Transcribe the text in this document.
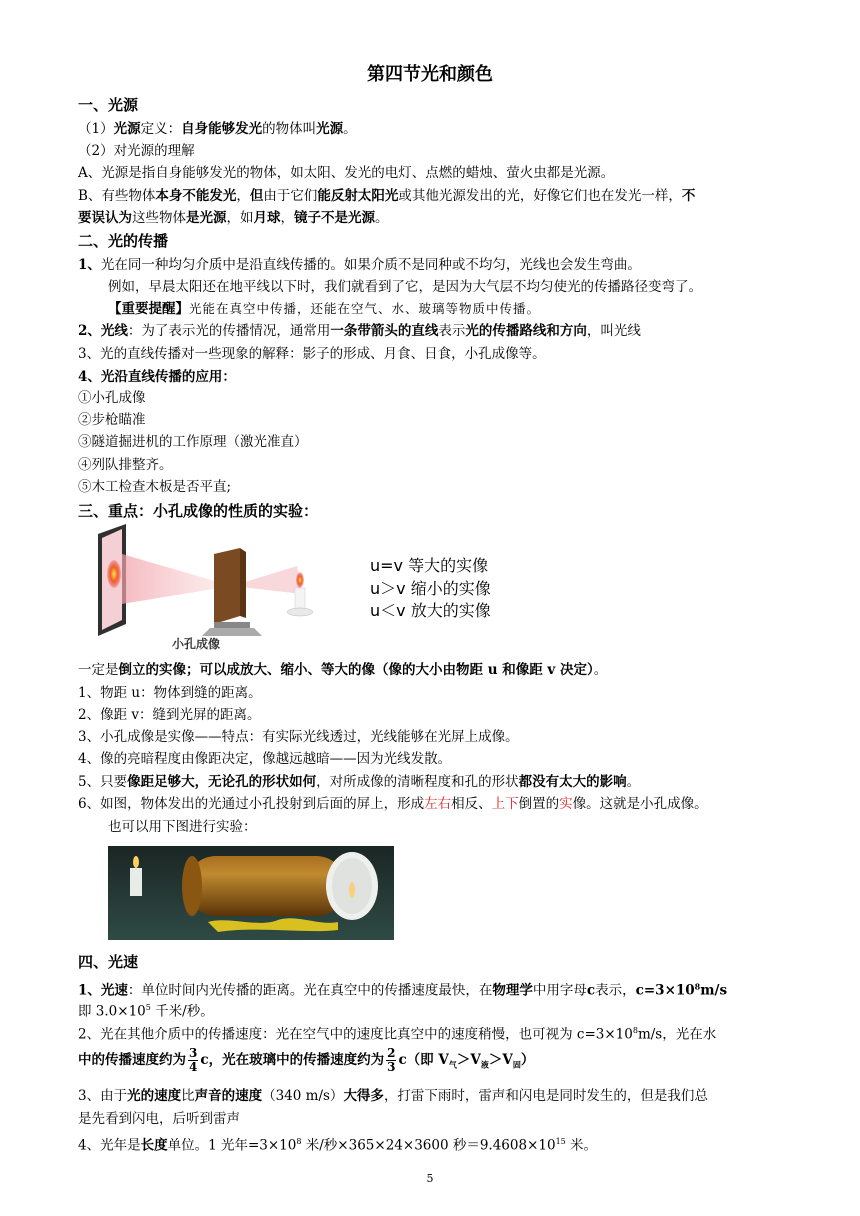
第四节光和颜色
一、光源
（1）光源定义：自身能够发光的物体叫光源。
（2）对光源的理解
A、光源是指自身能够发光的物体，如太阳、发光的电灯、点燃的蜡烛、萤火虫都是光源。
B、有些物体本身不能发光，但由于它们能反射太阳光或其他光源发出的光，好像它们也在发光一样，不
要误认为这些物体是光源，如月球，镜子不是光源。
二、光的传播
1、光在同一种均匀介质中是沿直线传播的。如果介质不是同种或不均匀，光线也会发生弯曲。
例如，早晨太阳还在地平线以下时，我们就看到了它，是因为大气层不均匀使光的传播路径变弯了。
【重要提醒】光能在真空中传播，还能在空气、水、玻璃等物质中传播。
2、光线：为了表示光的传播情况，通常用一条带箭头的直线表示光的传播路线和方向，叫光线
3、光的直线传播对一些现象的解释：影子的形成、月食、日食，小孔成像等。
4、光沿直线传播的应用：
①小孔成像
②步枪瞄准
③隧道掘进机的工作原理（激光准直）
④列队排整齐。
⑤木工检查木板是否平直;
三、重点：小孔成像的性质的实验：
小孔成像
u=v 等大的实像
u＞v 缩小的实像
u＜v 放大的实像
一定是倒立的实像；可以成放大、缩小、等大的像（像的大小由物距 u 和像距 v 决定）。
1、物距 u：物体到缝的距离。
2、像距 v：缝到光屏的距离。
3、小孔成像是实像——特点：有实际光线透过，光线能够在光屏上成像。
4、像的亮暗程度由像距决定，像越远越暗——因为光线发散。
5、只要像距足够大，无论孔的形状如何，对所成像的清晰程度和孔的形状都没有太大的影响。
6、如图，物体发出的光通过小孔投射到后面的屏上，形成左右相反、上下倒置的实像。这就是小孔成像。
也可以用下图进行实验：
四、光速
1、光速：单位时间内光传播的距离。光在真空中的传播速度最快，在物理学中用字母c表示，$c=3\times 10^8m/s$
即 $3.0\times 10^5$ 千米/秒。
2、光在其他介质中的传播速度：光在空气中的速度比真空中的速度稍慢，也可视为 $c=3\times 10^8m/s$，光在水
中的传播速度约为 $\frac{3}{4}$ c，光在玻璃中的传播速度约为 $\frac{2}{3} c$（即 $V_气>V_液>V_固$）
3、由于光的速度比声音的速度（340 m/s）大得多，打雷下雨时，雷声和闪电是同时发生的，但是我们总
是先看到闪电，后听到雷声
4、光年是长度单位。1 光年$=3\times 10^8$ 米/秒×365×24×3600 秒$=9.4608\times 10^{15}$ 米。
5
